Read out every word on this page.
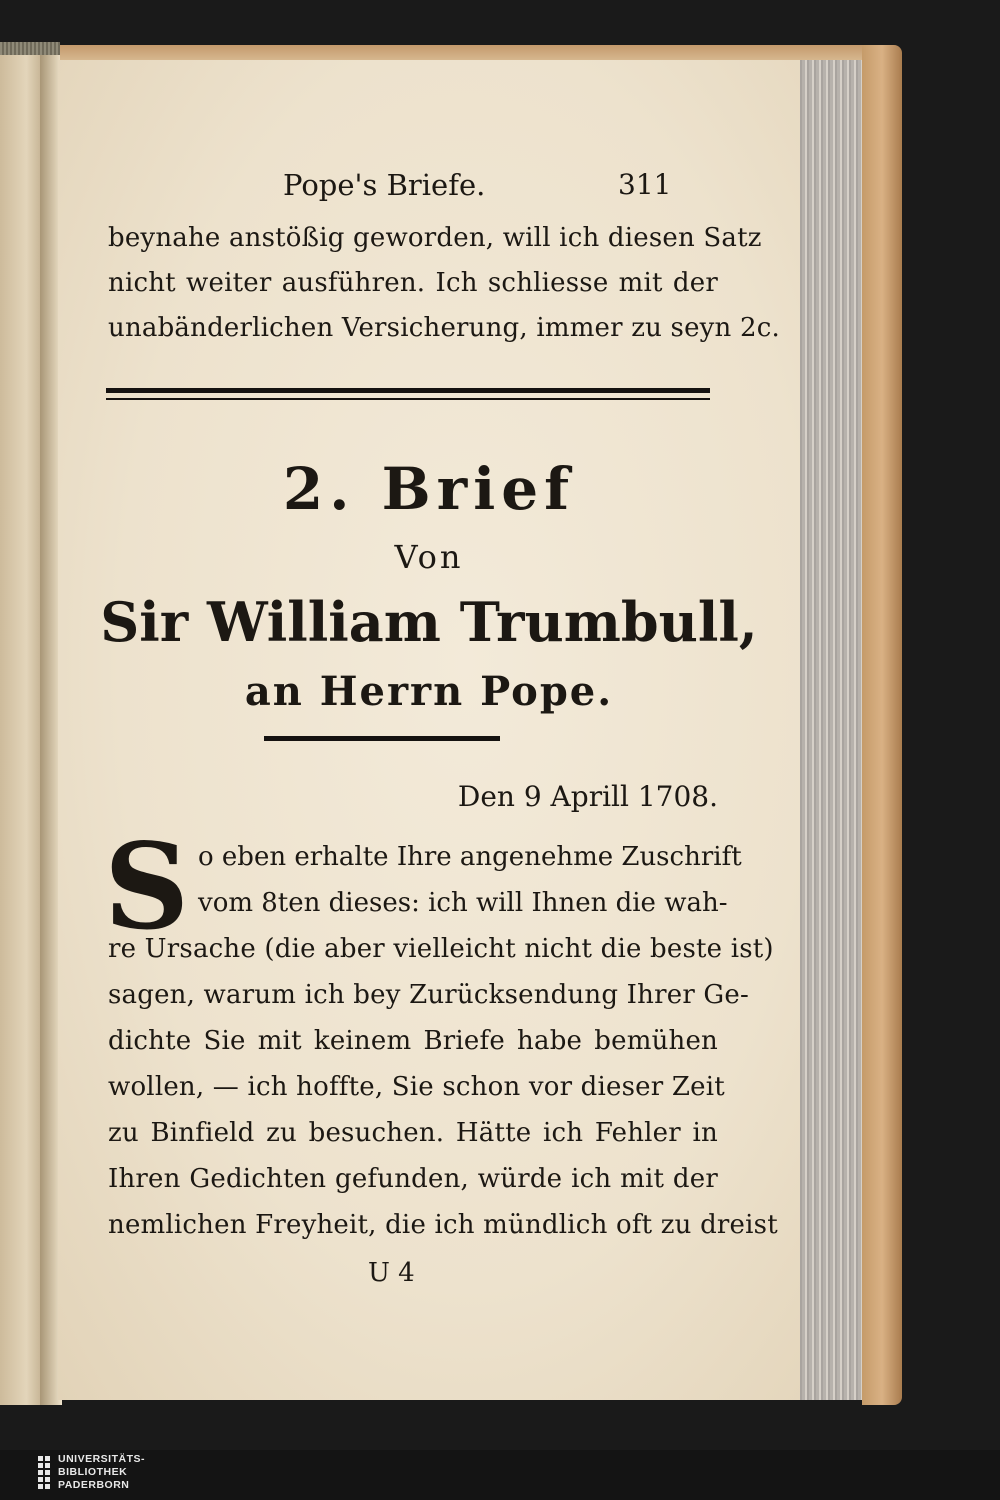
Pope's Briefe.	311
beynahe anstößig geworden, will ich diesen Satz
nicht weiter ausführen. Ich schliesse mit der
unabänderlichen Versicherung, immer zu seyn 2c.
2. Brief
Von
Sir William Trumbull,
an Herrn Pope.
Den 9 Aprill 1708.
S o eben erhalte Ihre angenehme Zuschrift
vom 8ten dieses: ich will Ihnen die wah-
re Ursache (die aber vielleicht nicht die beste ist)
sagen, warum ich bey Zurücksendung Ihrer Ge-
dichte Sie mit keinem Briefe habe bemühen
wollen, — ich hoffte, Sie schon vor dieser Zeit
zu Binfield zu besuchen. Hätte ich Fehler in
Ihren Gedichten gefunden, würde ich mit der
nemlichen Freyheit, die ich mündlich oft zu dreist
U 4
UNIVERSITÄTS-
BIBLIOTHEK
PADERBORN
